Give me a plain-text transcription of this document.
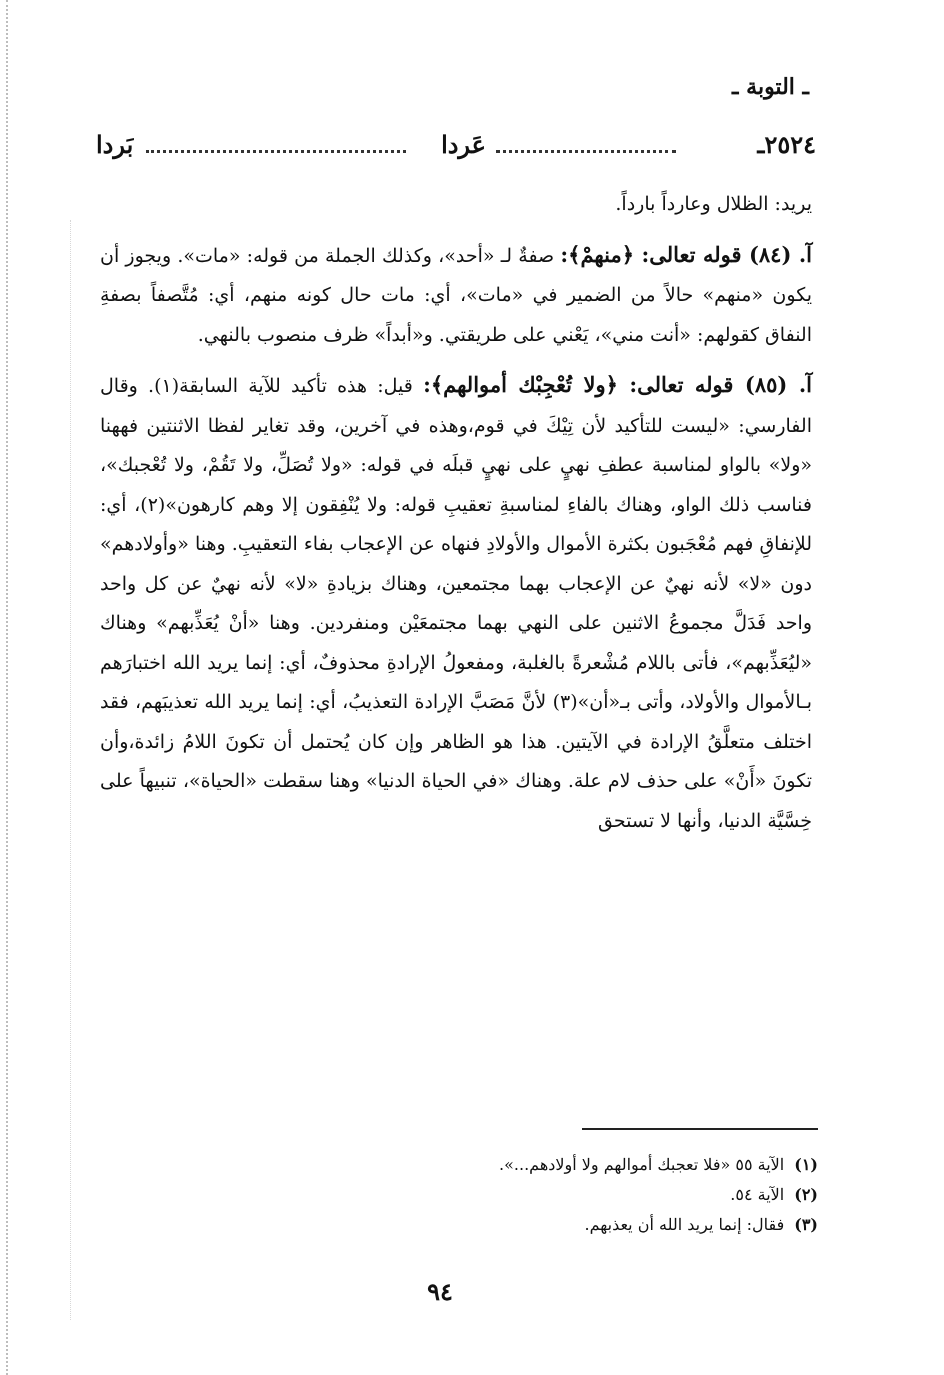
ـ التوبة ـ
٢٥٢٤ـ
عَردا
بَردا

يريد: الظلال وعارداً بارداً.

آ. (٨٤) قوله تعالى: ﴿منهمْ﴾: صفةٌ لـ «أحد»، وكذلك الجملة من قوله: «مات». ويجوز أن يكون «منهم» حالاً من الضمير في «مات»، أي: مات حال كونه منهم، أي: مُتَّصفاً بصفةِ النفاق كقولهم: «أنت مني»، يَعْني على طريقتي. و«أبداً» ظرف منصوب بالنهي.

آ. (٨٥) قوله تعالى: ﴿ولا تُعْجِبْك أموالهم﴾: قيل: هذه تأكيد للآية السابقة(١). وقال الفارسي: «ليست للتأكيد لأن تِيْكَ في قوم،وهذه في آخرين، وقد تغاير لفظا الاثنتين فههنا «ولا» بالواو لمناسبة عطفِ نهيٍ على نهيٍ قبلَه في قوله: «ولا تُصَلِّ، ولا تَقُمْ، ولا تُعْجبك»، فناسب ذلك الواو، وهناك بالفاءِ لمناسبةِ تعقيبِ قوله: ولا يُنْفِقون إلا وهم كارهون»(٢)، أي: للإنفاقِ فهم مُعْجَبون بكثرة الأموال والأولادِ فنهاه عن الإعجاب بفاء التعقيبِ. وهنا «وأولادهم» دون «لا» لأنه نهيٌ عن الإعجاب بهما مجتمعين، وهناك بزيادةِ «لا» لأنه نهيٌ عن كل واحد واحد فَدَلَّ مجموعُ الاثنين على النهي بهما مجتمعَيْن ومنفردين. وهنا «أنْ يُعَذِّبهم» وهناك «ليُعَذِّبهم»، فأتى باللام مُشْعرةً بالغلبة، ومفعولُ الإرادةِ محذوفٌ، أي: إنما يريد الله اختبارَهم بـالأموال والأولاد، وأتى بـ«أن»(٣) لأنَّ مَصَبَّ الإرادة التعذيبُ، أي: إنما يريد الله تعذيبَهم، فقد اختلف متعلَّقُ الإرادة في الآيتين. هذا هو الظاهر وإن كان يُحتمل أن تكونَ اللامُ زائدة،وأن تكونَ «أَنْ» على حذف لام علة. وهناك «في الحياة الدنيا» وهنا سقطت «الحياة»، تنبيهاً على خِسَّيَّة الدنيا، وأنها لا تستحق

(١)الآية ٥٥ «فلا تعجبك أموالهم ولا أولادهم...».
(٢)الآية ٥٤.
(٣)فقال: إنما يريد الله أن يعذبهم.
٩٤
